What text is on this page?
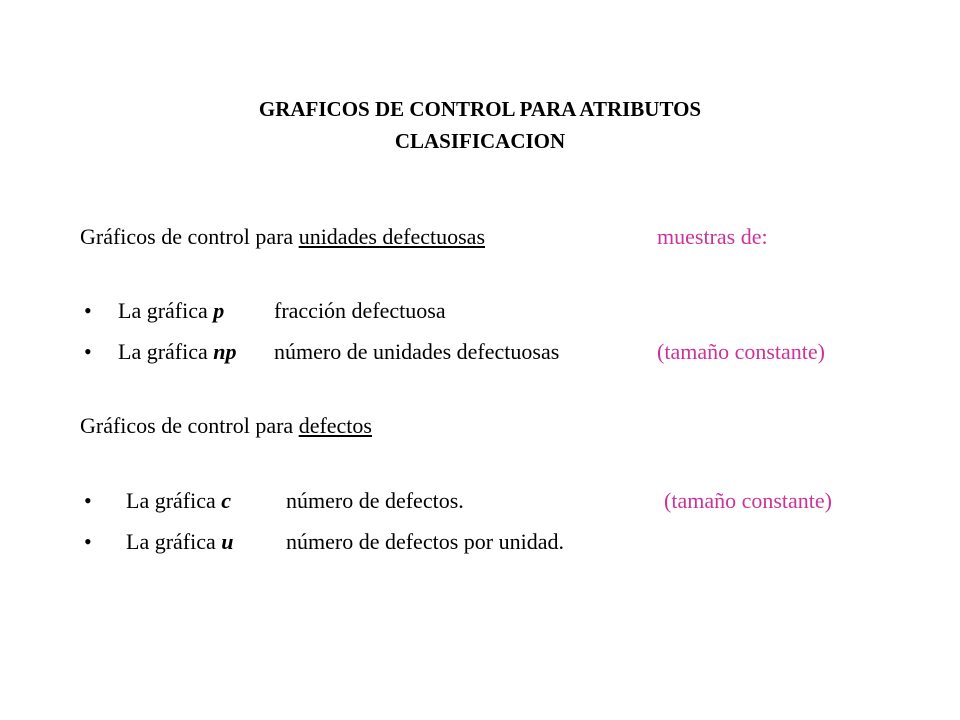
GRAFICOS DE CONTROL PARA ATRIBUTOS
CLASIFICACION
Gráficos de control para unidades defectuosas	muestras de:
• La gráfica p fracción defectuosa
• La gráfica np número de unidades defectuosas	(tamaño constante)
Gráficos de control para defectos
• La gráfica c número de defectos.	(tamaño constante)
• La gráfica u número de defectos por unidad.
